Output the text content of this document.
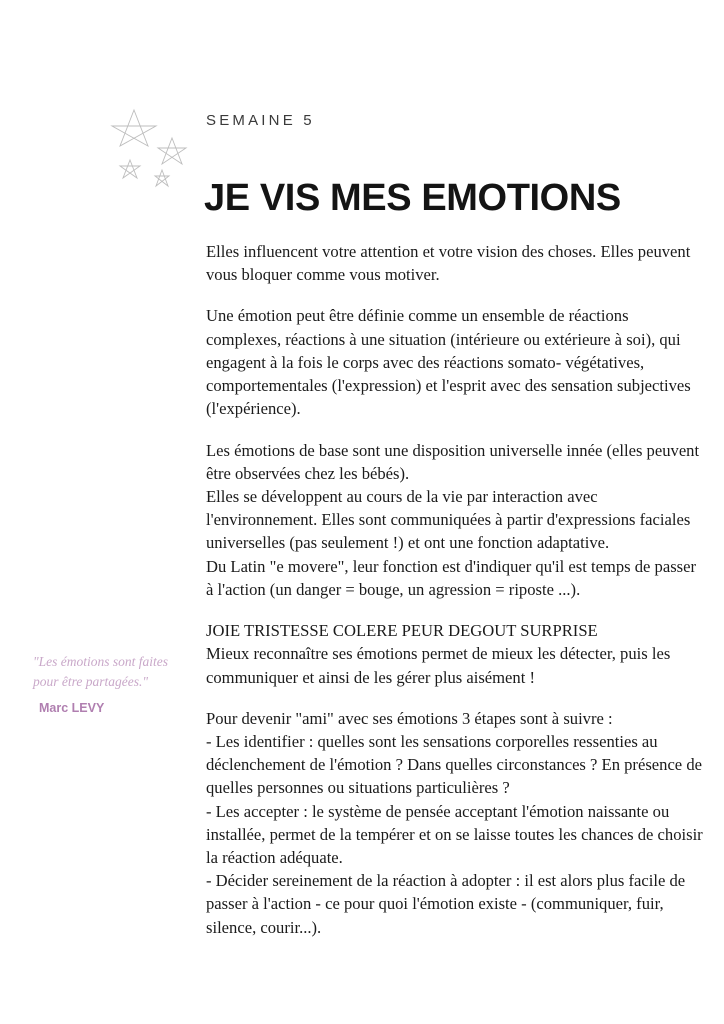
SEMAINE 5
JE VIS MES EMOTIONS

"Les émotions sont faites pour être partagées."

Marc LEVY

Elles influencent votre attention et votre vision des choses. Elles peuvent vous bloquer comme vous motiver.

Une émotion peut être définie comme un ensemble de réactions complexes, réactions à une situation (intérieure ou extérieure à soi), qui engagent à la fois le corps avec des réactions somato- végétatives, comportementales (l'expression) et l'esprit avec des sensation subjectives (l'expérience).

Les émotions de base sont une disposition universelle innée (elles peuvent être observées chez les bébés).
Elles se développent au cours de la vie par interaction avec l'environnement. Elles sont communiquées à partir d'expressions faciales universelles (pas seulement !) et ont une fonction adaptative.
Du Latin "e movere", leur fonction est d'indiquer qu'il est temps de passer à l'action (un danger = bouge, un agression = riposte ...).

JOIE TRISTESSE COLERE PEUR DEGOUT SURPRISE
Mieux reconnaître ses émotions permet de mieux les détecter, puis les communiquer et ainsi de les gérer plus aisément !

Pour devenir "ami" avec ses émotions 3 étapes sont à suivre :
- Les identifier : quelles sont les sensations corporelles ressenties au déclenchement de l'émotion ? Dans quelles circonstances ? En présence de quelles personnes ou situations particulières ?
- Les accepter : le système de pensée acceptant l'émotion naissante ou installée, permet de la tempérer et on se laisse toutes les chances de choisir la réaction adéquate.
- Décider sereinement de la réaction à adopter : il est alors plus facile de passer à l'action - ce pour quoi l'émotion existe - (communiquer, fuir, silence, courir...).
